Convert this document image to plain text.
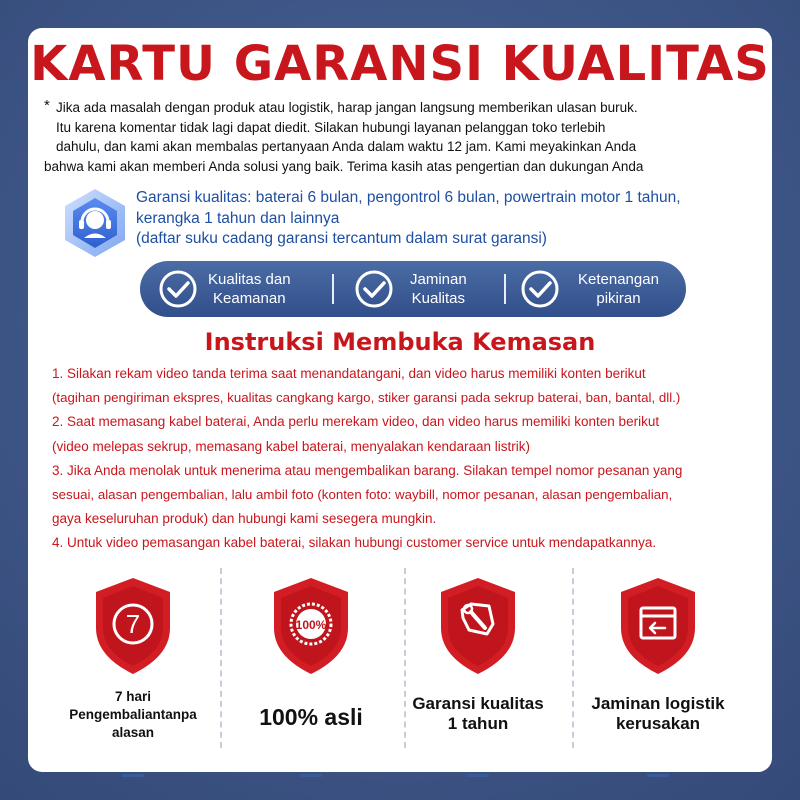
KARTU GARANSI KUALITAS
* Jika ada masalah dengan produk atau logistik, harap jangan langsung memberikan ulasan buruk.

Itu karena komentar tidak lagi dapat diedit. Silakan hubungi layanan pelanggan toko terlebih

dahulu, dan kami akan membalas pertanyaan Anda dalam waktu 12 jam. Kami meyakinkan Anda

bahwa kami akan memberi Anda solusi yang baik. Terima kasih atas pengertian dan dukungan Anda

Garansi kualitas: baterai 6 bulan, pengontrol 6 bulan, powertrain motor 1 tahun,

kerangka 1 tahun dan lainnya

(daftar suku cadang garansi tercantum dalam surat garansi)

Kualitas dan
Keamanan
Jaminan
Kualitas
Ketenangan
pikiran
Instruksi Membuka Kemasan

1. Silakan rekam video tanda terima saat menandatangani, dan video harus memiliki konten berikut

(tagihan pengiriman ekspres, kualitas cangkang kargo, stiker garansi pada sekrup baterai, ban, bantal, dll.)

2. Saat memasang kabel baterai, Anda perlu merekam video, dan video harus memiliki konten berikut

(video melepas sekrup, memasang kabel baterai, menyalakan kendaraan listrik)

3. Jika Anda menolak untuk menerima atau mengembalikan barang. Silakan tempel nomor pesanan yang

sesuai, alasan pengembalian, lalu ambil foto (konten foto: waybill, nomor pesanan, alasan pengembalian,

gaya keseluruhan produk) dan hubungi kami sesegera mungkin.

4. Untuk video pemasangan kabel baterai, silakan hubungi customer service untuk mendapatkannya.

7
7 hari
Pengembaliantanpa
alasan
100%
100% asli
Garansi kualitas
1 tahun
Jaminan logistik
kerusakan
